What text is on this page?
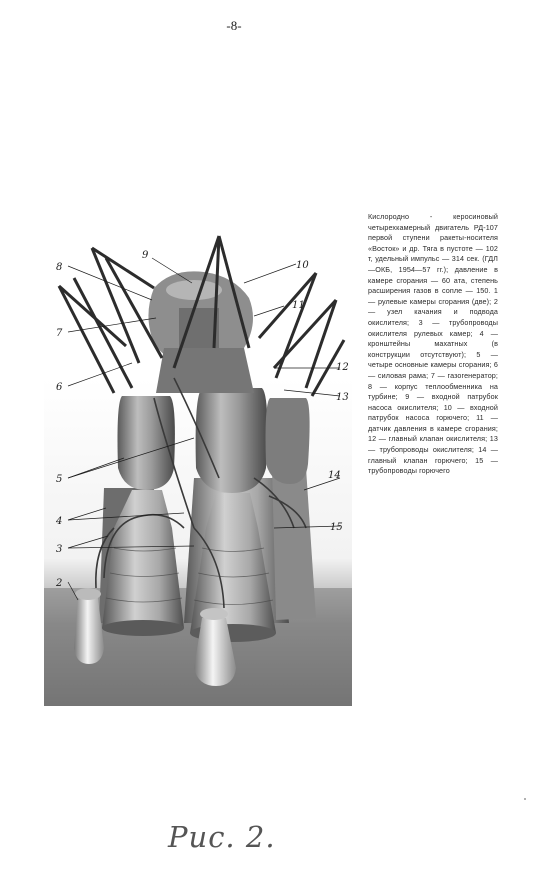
-8-
9
10
8
11
7
12
6
13
5	14
4
15
3
2
Кислородно - керосиновый четырехкамерный двигатель РД-107 первой ступени ракеты-носителя «Восток» и др. Тяга в пустоте — 102 т, удельный импульс — 314 сек. (ГДЛ—ОКБ, 1954—57 гг.); давление в камере сгорания — 60 ата, степень расширения газов в сопле — 150. 1 — рулевые камеры сгорания (две); 2 — узел качания и подвода окислителя; 3 — трубопроводы окислителя рулевых камер; 4 — кронштейны махатных (в конструкции отсутствуют); 5 — четыре основные камеры сгорания; 6 — силовая рама; 7 — газогенератор; 8 — корпус теплообменника на турбине; 9 — входной патрубок насоса окислителя; 10 — входной патрубок насоса горючего; 11 — датчик давления в камере сгорания; 12 — главный клапан окислителя; 13 — трубопроводы окислителя; 14 — главный клапан горючего; 15 — трубопроводы горючего
Рис. 2.
